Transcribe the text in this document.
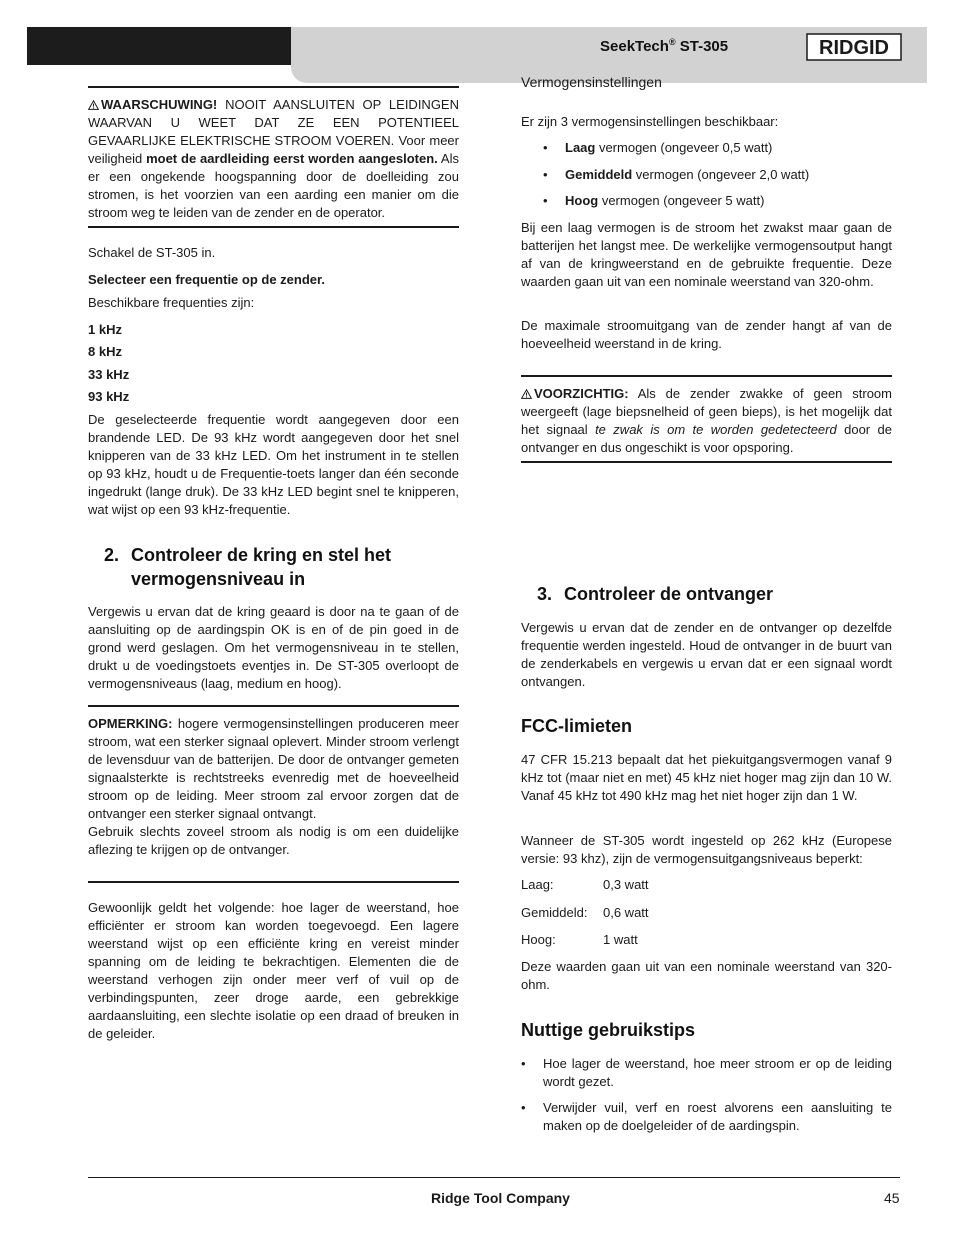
SeekTech® ST-305	RIDGID

WAARSCHUWING! NOOIT AANSLUITEN OP LEIDINGEN WAARVAN U WEET DAT ZE EEN POTENTIEEL GEVAARLIJKE ELEKTRISCHE STROOM VOEREN. Voor meer veiligheid moet de aardleiding eerst worden aangesloten. Als er een ongekende hoogspanning door de doelleiding zou stromen, is het voorzien van een aarding een manier om die stroom weg te leiden van de zender en de operator.

Schakel de ST-305 in.

Selecteer een frequentie op de zender.

Beschikbare frequenties zijn:

1 kHz

8 kHz

33 kHz

93 kHz

De geselecteerde frequentie wordt aangegeven door een brandende LED. De 93 kHz wordt aangegeven door het snel knipperen van de 33 kHz LED. Om het instrument in te stellen op 93 kHz, houdt u de Frequentie-toets langer dan één seconde ingedrukt (lange druk). De 33 kHz LED begint snel te knipperen, wat wijst op een 93 kHz-frequentie.

2. Controleer de kring en stel het
vermogensniveau in

Vergewis u ervan dat de kring geaard is door na te gaan of de aansluiting op de aardingspin OK is en of de pin goed in de grond werd geslagen. Om het vermogensniveau in te stellen, drukt u de voedingstoets eventjes in. De ST-305 overloopt de vermogensniveaus (laag, medium en hoog).

OPMERKING: hogere vermogensinstellingen produceren meer stroom, wat een sterker signaal oplevert. Minder stroom verlengt de levensduur van de batterijen. De door de ontvanger gemeten signaalsterkte is rechtstreeks evenredig met de hoeveelheid stroom op de leiding. Meer stroom zal ervoor zorgen dat de ontvanger een sterker signaal ontvangt.

Gebruik slechts zoveel stroom als nodig is om een duidelijke aflezing te krijgen op de ontvanger.

Gewoonlijk geldt het volgende: hoe lager de weerstand, hoe efficiënter er stroom kan worden toegevoegd. Een lagere weerstand wijst op een efficiënte kring en vereist minder spanning om de leiding te bekrachtigen. Elementen die de weerstand verhogen zijn onder meer verf of vuil op de verbindingspunten, zeer droge aarde, een gebrekkige aardaansluiting, een slechte isolatie op een draad of breuken in de geleider.

Vermogensinstellingen

Er zijn 3 vermogensinstellingen beschikbaar:

•	Laag vermogen (ongeveer 0,5 watt)
•	Gemiddeld vermogen (ongeveer 2,0 watt)
•	Hoog vermogen (ongeveer 5 watt)

Bij een laag vermogen is de stroom het zwakst maar gaan de batterijen het langst mee. De werkelijke vermogensoutput hangt af van de kringweerstand en de gebruikte frequentie. Deze waarden gaan uit van een nominale weerstand van 320-ohm.

De maximale stroomuitgang van de zender hangt af van de hoeveelheid weerstand in de kring.

VOORZICHTIG: Als de zender zwakke of geen stroom weergeeft (lage biepsnelheid of geen bieps), is het mogelijk dat het signaal te zwak is om te worden gedetecteerd door de ontvanger en dus ongeschikt is voor opsporing.

3. Controleer de ontvanger

Vergewis u ervan dat de zender en de ontvanger op dezelfde frequentie werden ingesteld. Houd de ontvanger in de buurt van de zenderkabels en vergewis u ervan dat er een signaal wordt ontvangen.

FCC-limieten

47 CFR 15.213 bepaalt dat het piekuitgangsvermogen vanaf 9 kHz tot (maar niet en met) 45 kHz niet hoger mag zijn dan 10 W. Vanaf 45 kHz tot 490 kHz mag het niet hoger zijn dan 1 W.

Wanneer de ST-305 wordt ingesteld op 262 kHz (Europese versie: 93 khz), zijn de vermogensuitgangsniveaus beperkt:

Laag:	0,3 watt
Gemiddeld:	0,6 watt
Hoog:	1 watt

Deze waarden gaan uit van een nominale weerstand van 320-ohm.

Nuttige gebruikstips
•	Hoe lager de weerstand, hoe meer stroom er op de leiding wordt gezet.
•	Verwijder vuil, verf en roest alvorens een aansluiting te maken op de doelgeleider of de aardingspin.
Ridge Tool Company	45
